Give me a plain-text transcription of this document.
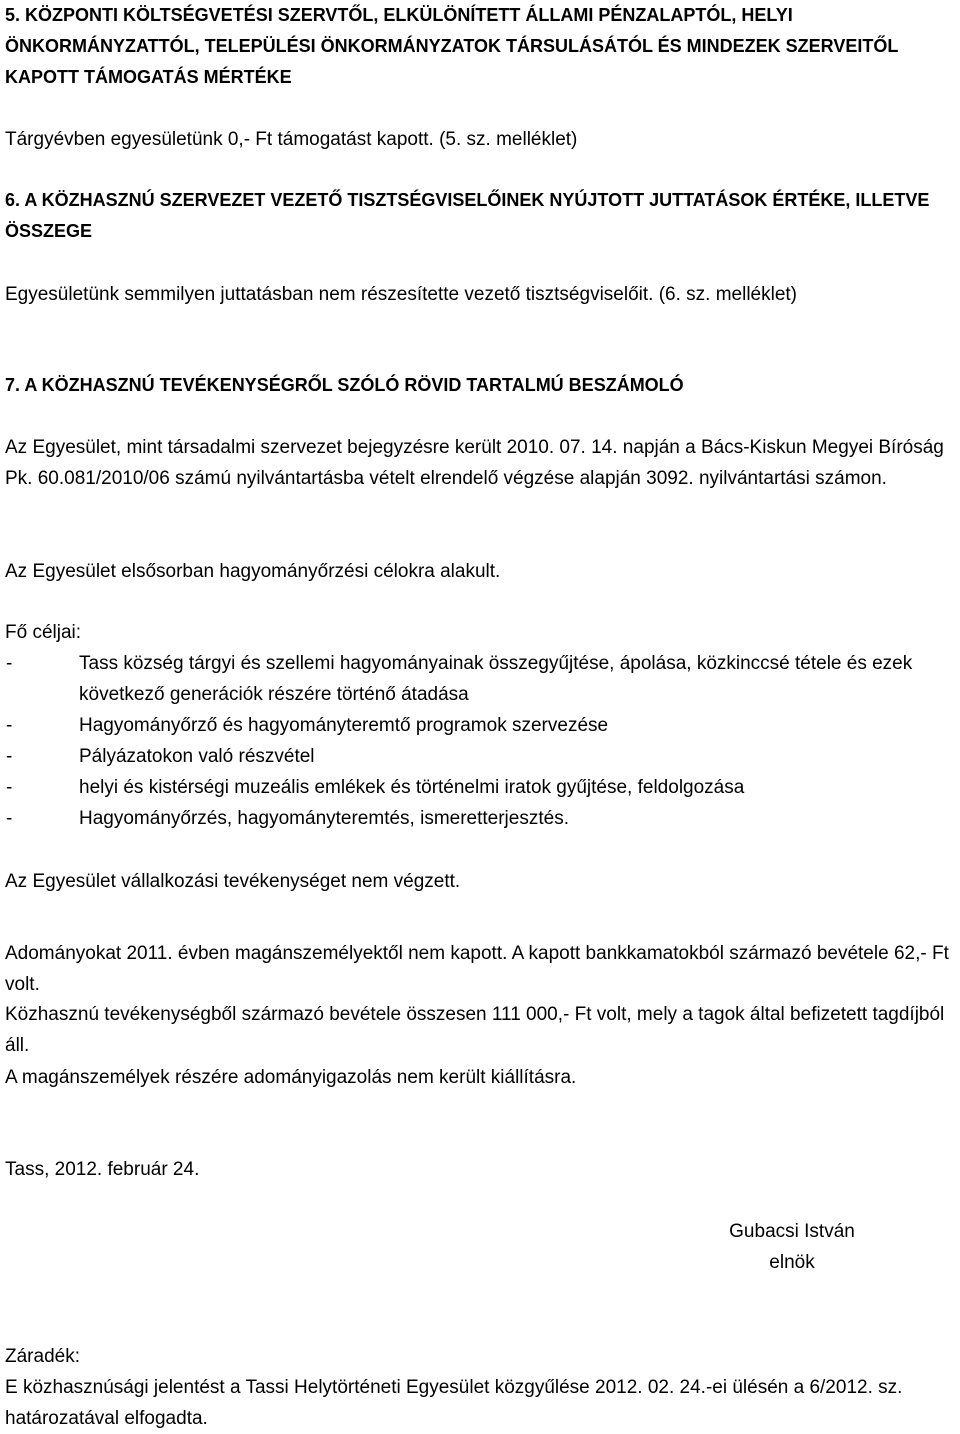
5. KÖZPONTI KÖLTSÉGVETÉSI SZERVTŐL, ELKÜLÖNÍTETT ÁLLAMI PÉNZALAPTÓL, HELYI ÖNKORMÁNYZATTÓL, TELEPÜLÉSI ÖNKORMÁNYZATOK TÁRSULÁSÁTÓL ÉS MINDEZEK SZERVEITŐL KAPOTT TÁMOGATÁS MÉRTÉKE

Tárgyévben egyesületünk 0,- Ft támogatást kapott. (5. sz. melléklet)

6. A KÖZHASZNÚ SZERVEZET VEZETŐ TISZTSÉGVISELŐINEK NYÚJTOTT JUTTATÁSOK ÉRTÉKE, ILLETVE ÖSSZEGE

Egyesületünk semmilyen juttatásban nem részesítette vezető tisztségviselőit. (6. sz. melléklet)

7. A KÖZHASZNÚ TEVÉKENYSÉGRŐL SZÓLÓ RÖVID TARTALMÚ BESZÁMOLÓ

Az Egyesület, mint társadalmi szervezet bejegyzésre került 2010. 07. 14. napján a Bács-Kiskun Megyei Bíróság Pk. 60.081/2010/06 számú nyilvántartásba vételt elrendelő végzése alapján 3092. nyilvántartási számon.

Az Egyesület elsősorban hagyományőrzési célokra alakult.

Fő céljai:

-	Tass község tárgyi és szellemi hagyományainak összegyűjtése, ápolása, közkinccsé tétele és ezek következő generációk részére történő átadása
-	Hagyományőrző és hagyományteremtő programok szervezése
-	Pályázatokon való részvétel
-	helyi és kistérségi muzeális emlékek és történelmi iratok gyűjtése, feldolgozása
-	Hagyományőrzés, hagyományteremtés, ismeretterjesztés.

Az Egyesület vállalkozási tevékenységet nem végzett.

Adományokat 2011. évben magánszemélyektől nem kapott. A kapott bankkamatokból származó bevétele 62,- Ft volt.

Közhasznú tevékenységből származó bevétele összesen 111 000,- Ft volt, mely a tagok által befizetett tagdíjból áll.

A magánszemélyek részére adományigazolás nem került kiállításra.

Tass, 2012. február 24.

Gubacsi István

elnök

Záradék:

E közhasznúsági jelentést a Tassi Helytörténeti Egyesület közgyűlése 2012. 02. 24.-ei ülésén a 6/2012. sz. határozatával elfogadta.
